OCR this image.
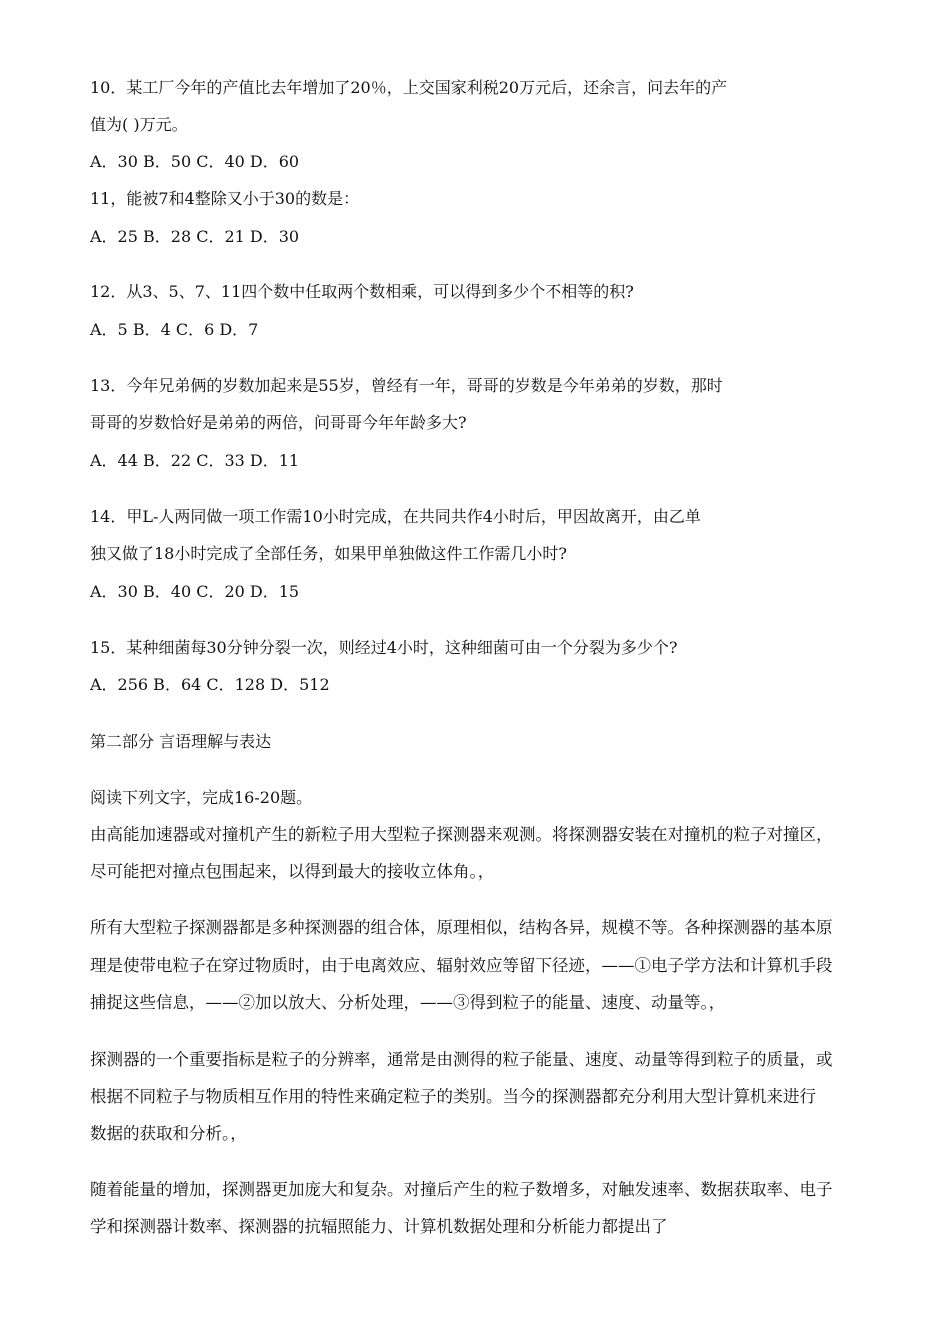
10．某工厂今年的产值比去年增加了20％，上交国家利税20万元后，还余言，问去年的产
值为( )万元。
A．30 B．50 C．40 D．60
11，能被7和4整除又小于30的数是：
A．25 B．28 C．21 D．30
12．从3、5、7、11四个数中任取两个数相乘，可以得到多少个不相等的积?
A．5 B．4 C．6 D．7
13．今年兄弟俩的岁数加起来是55岁，曾经有一年，哥哥的岁数是今年弟弟的岁数，那时
哥哥的岁数恰好是弟弟的两倍，问哥哥今年年龄多大?
A．44 B．22 C．33 D．11
14．甲L-人两同做一项工作需10小时完成，在共同共作4小时后，甲因故离开，由乙单
独又做了18小时完成了全部任务，如果甲单独做这件工作需几小时?
A．30 B．40 C．20 D．15
15．某种细菌每30分钟分裂一次，则经过4小时，这种细菌可由一个分裂为多少个?
A．256 B．64 C．128 D．512
第二部分 言语理解与表达
阅读下列文字，完成16-20题。
由高能加速器或对撞机产生的新粒子用大型粒子探测器来观测。将探测器安装在对撞机的粒子对撞区，
尽可能把对撞点包围起来，以得到最大的接收立体角。，
所有大型粒子探测器都是多种探测器的组合体，原理相似，结构各异，规模不等。各种探测器的基本原
理是使带电粒子在穿过物质时，由于电离效应、辐射效应等留下径迹，——①电子学方法和计算机手段
捕捉这些信息，——②加以放大、分析处理，——③得到粒子的能量、速度、动量等。，
探测器的一个重要指标是粒子的分辨率，通常是由测得的粒子能量、速度、动量等得到粒子的质量，或
根据不同粒子与物质相互作用的特性来确定粒子的类别。当今的探测器都充分利用大型计算机来进行
数据的获取和分析。，
随着能量的增加，探测器更加庞大和复杂。对撞后产生的粒子数增多，对触发速率、数据获取率、电子
学和探测器计数率、探测器的抗辐照能力、计算机数据处理和分析能力都提出了
